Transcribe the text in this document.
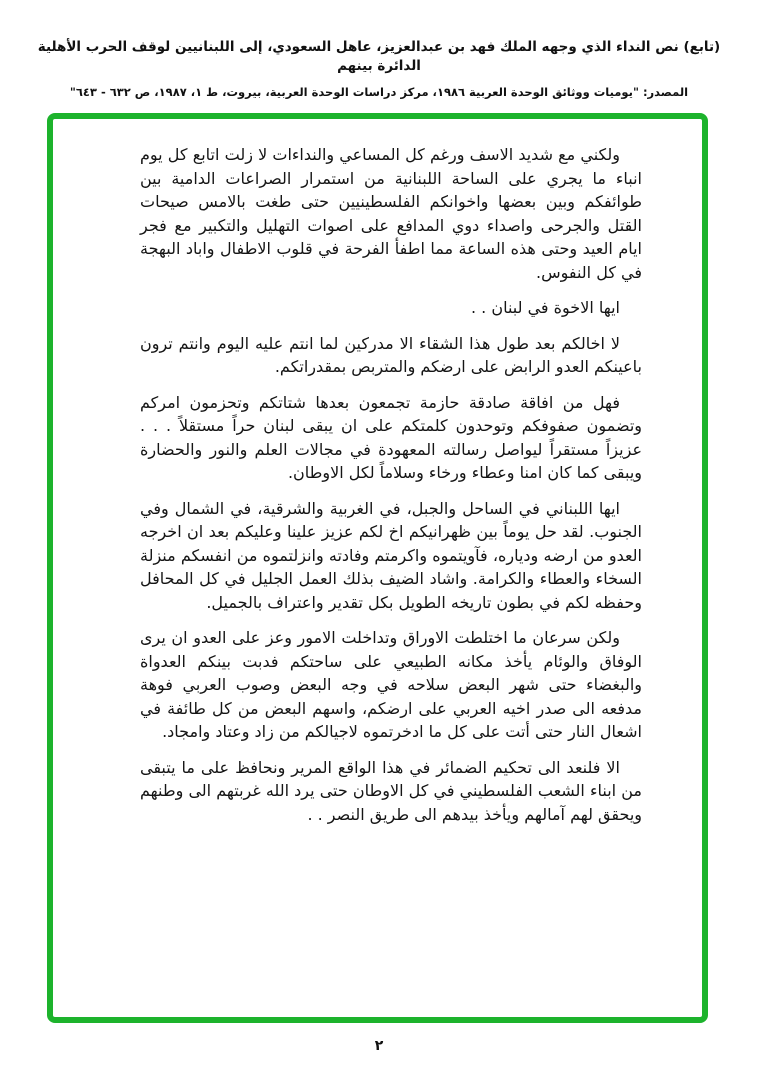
(تابع) نص النداء الذي وجهه الملك فهد بن عبدالعزيز، عاهل السعودي، إلى اللبنانيين لوقف الحرب الأهلية الدائرة بينهم
المصدر: "يوميات ووثائق الوحدة العربية ١٩٨٦، مركز دراسات الوحدة العربية، بيروت، ط ١، ١٩٨٧، ص ٦٣٢ - ٦٤٣"

ولكني مع شديد الاسف ورغم كل المساعي والنداءات لا زلت اتابع كل يوم انباء ما يجري على الساحة اللبنانية من استمرار الصراعات الدامية بين طوائفكم وبين بعضها واخوانكم الفلسطينيين حتى طغت بالامس صيحات القتل والجرحى واصداء دوي المدافع على اصوات التهليل والتكبير مع فجر ايام العيد وحتى هذه الساعة مما اطفأ الفرحة في قلوب الاطفال واباد البهجة في كل النفوس.

ايها الاخوة في لبنان . .

لا اخالكم بعد طول هذا الشقاء الا مدركين لما انتم عليه اليوم وانتم ترون باعينكم العدو الرابض على ارضكم والمتربص بمقدراتكم.

فهل من افاقة صادقة حازمة تجمعون بعدها شتاتكم وتحزمون امركم وتضمون صفوفكم وتوحدون كلمتكم على ان يبقى لبنان حراً مستقلاً . . . عزيزاً مستقراً ليواصل رسالته المعهودة في مجالات العلم والنور والحضارة ويبقى كما كان امنا وعطاء ورخاء وسلاماً لكل الاوطان.

ايها اللبناني في الساحل والجبل، في الغربية والشرقية، في الشمال وفي الجنوب. لقد حل يوماً بين ظهرانيكم اخ لكم عزيز علينا وعليكم بعد ان اخرجه العدو من ارضه ودياره، فآويتموه واكرمتم وفادته وانزلتموه من انفسكم منزلة السخاء والعطاء والكرامة. واشاد الضيف بذلك العمل الجليل في كل المحافل وحفظه لكم في بطون تاريخه الطويل بكل تقدير واعتراف بالجميل.

ولكن سرعان ما اختلطت الاوراق وتداخلت الامور وعز على العدو ان يرى الوفاق والوئام يأخذ مكانه الطبيعي على ساحتكم فدبت بينكم العدواة والبغضاء حتى شهر البعض سلاحه في وجه البعض وصوب العربي فوهة مدفعه الى صدر اخيه العربي على ارضكم، واسهم البعض من كل طائفة في اشعال النار حتى أتت على كل ما ادخرتموه لاجيالكم من زاد وعتاد وامجاد.

الا فلنعد الى تحكيم الضمائر في هذا الواقع المرير ونحافظ على ما يتبقى من ابناء الشعب الفلسطيني في كل الاوطان حتى يرد الله غربتهم الى وطنهم ويحقق لهم آمالهم ويأخذ بيدهم الى طريق النصر . .

٢
